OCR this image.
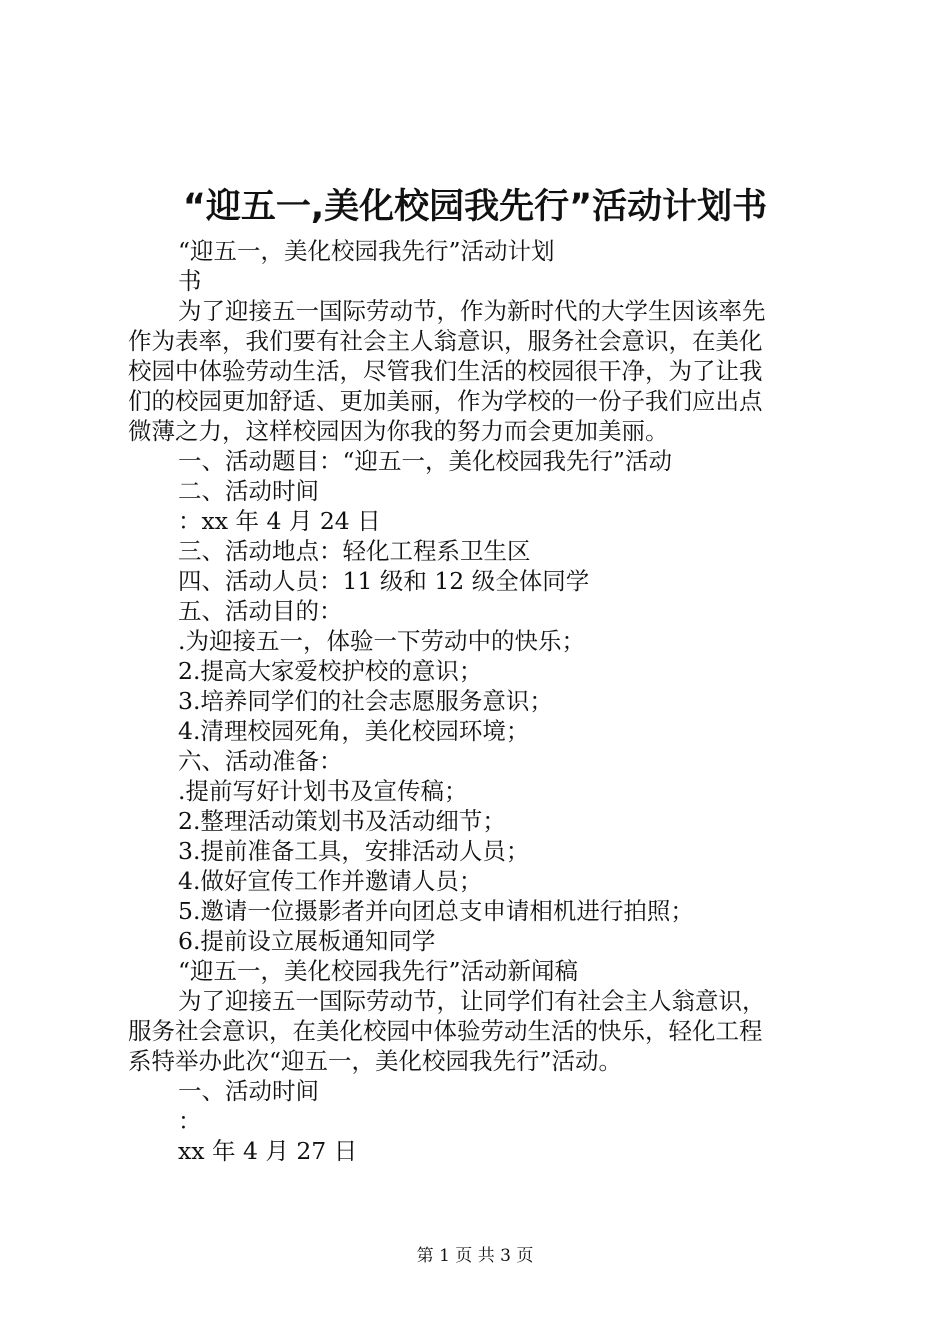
“迎五一,美化校园我先行”活动计划书
“迎五一，美化校园我先行”活动计划
书
为了迎接五一国际劳动节，作为新时代的大学生因该率先
作为表率，我们要有社会主人翁意识，服务社会意识，在美化
校园中体验劳动生活，尽管我们生活的校园很干净，为了让我
们的校园更加舒适、更加美丽，作为学校的一份子我们应出点
微薄之力，这样校园因为你我的努力而会更加美丽。
一、活动题目：“迎五一，美化校园我先行”活动
二、活动时间
：xx 年 4 月 24 日
三、活动地点：轻化工程系卫生区
四、活动人员：11 级和 12 级全体同学
五、活动目的：
.为迎接五一，体验一下劳动中的快乐；
2.提高大家爱校护校的意识；
3.培养同学们的社会志愿服务意识；
4.清理校园死角，美化校园环境；
六、活动准备：
.提前写好计划书及宣传稿；
2.整理活动策划书及活动细节；
3.提前准备工具，安排活动人员；
4.做好宣传工作并邀请人员；
5.邀请一位摄影者并向团总支申请相机进行拍照；
6.提前设立展板通知同学
“迎五一，美化校园我先行”活动新闻稿
为了迎接五一国际劳动节，让同学们有社会主人翁意识，
服务社会意识，在美化校园中体验劳动生活的快乐，轻化工程
系特举办此次“迎五一，美化校园我先行”活动。
一、活动时间
：
xx 年 4 月 27 日
第 1 页 共 3 页
